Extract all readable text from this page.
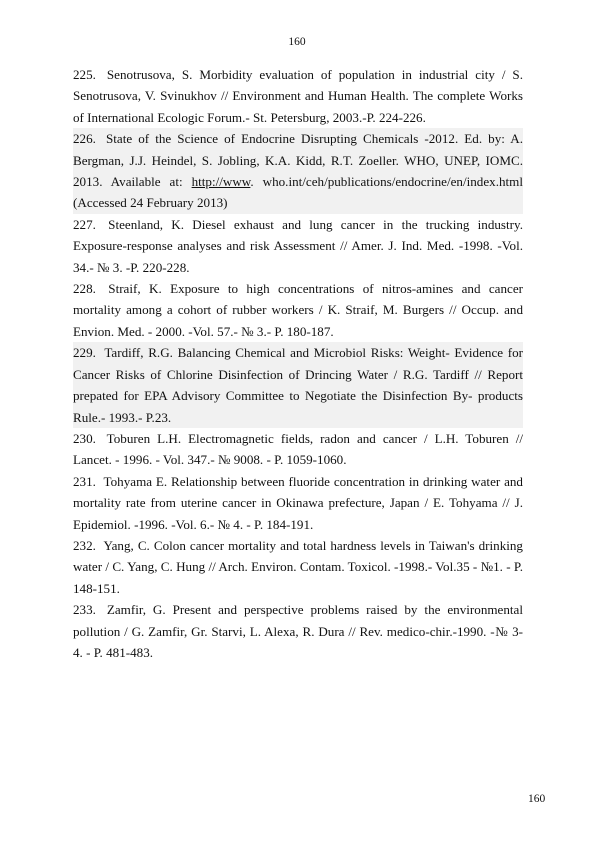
160

225. Senotrusova, S. Morbidity evaluation of population in industrial city / S. Senotrusova, V. Svinukhov // Environment and Human Health. The complete Works of International Ecologic Forum.- St. Petersburg, 2003.-P. 224-226.

226. State of the Science of Endocrine Disrupting Chemicals -2012. Ed. by: A. Bergman, J.J. Heindel, S. Jobling, K.A. Kidd, R.T. Zoeller. WHO, UNEP, IOMC. 2013. Available at: http://www. who.int/ceh/publications/endocrine/en/index.html (Accessed 24 February 2013)

227. Steenland, K. Diesel exhaust and lung cancer in the trucking industry. Exposure-response analyses and risk Assessment // Amer. J. Ind. Med. -1998. -Vol. 34.- № 3. -P. 220-228.

228. Straif, K. Exposure to high concentrations of nitros-amines and cancer mortality among a cohort of rubber workers / K. Straif, M. Burgers // Occup. and Envion. Med. - 2000. -Vol. 57.- № 3.- P. 180-187.

229. Tardiff, R.G. Balancing Chemical and Microbiol Risks: Weight- Evidence for Cancer Risks of Chlorine Disinfection of Drincing Water / R.G. Tardiff // Report prepated for EPA Advisory Committee to Negotiate the Disinfection By- products Rule.- 1993.- P.23.

230. Toburen L.H. Electromagnetic fields, radon and cancer / L.H. Toburen // Lancet. - 1996. - Vol. 347.- № 9008. - P. 1059-1060.

231. Tohyama E. Relationship between fluoride concentration in drinking water and mortality rate from uterine cancer in Okinawa prefecture, Japan / E. Tohyama // J. Epidemiol. -1996. -Vol. 6.- № 4. - P. 184-191.

232. Yang, C. Colon cancer mortality and total hardness levels in Taiwan's drinking water / C. Yang, C. Hung // Arch. Environ. Contam. Toxicol. -1998.- Vol.35 - №1. - P. 148-151.

233. Zamfir, G. Present and perspective problems raised by the environmental pollution / G. Zamfir, Gr. Starvi, L. Alexa, R. Dura // Rev. medico-chir.-1990. -№ 3-4. - P. 481-483.

160
